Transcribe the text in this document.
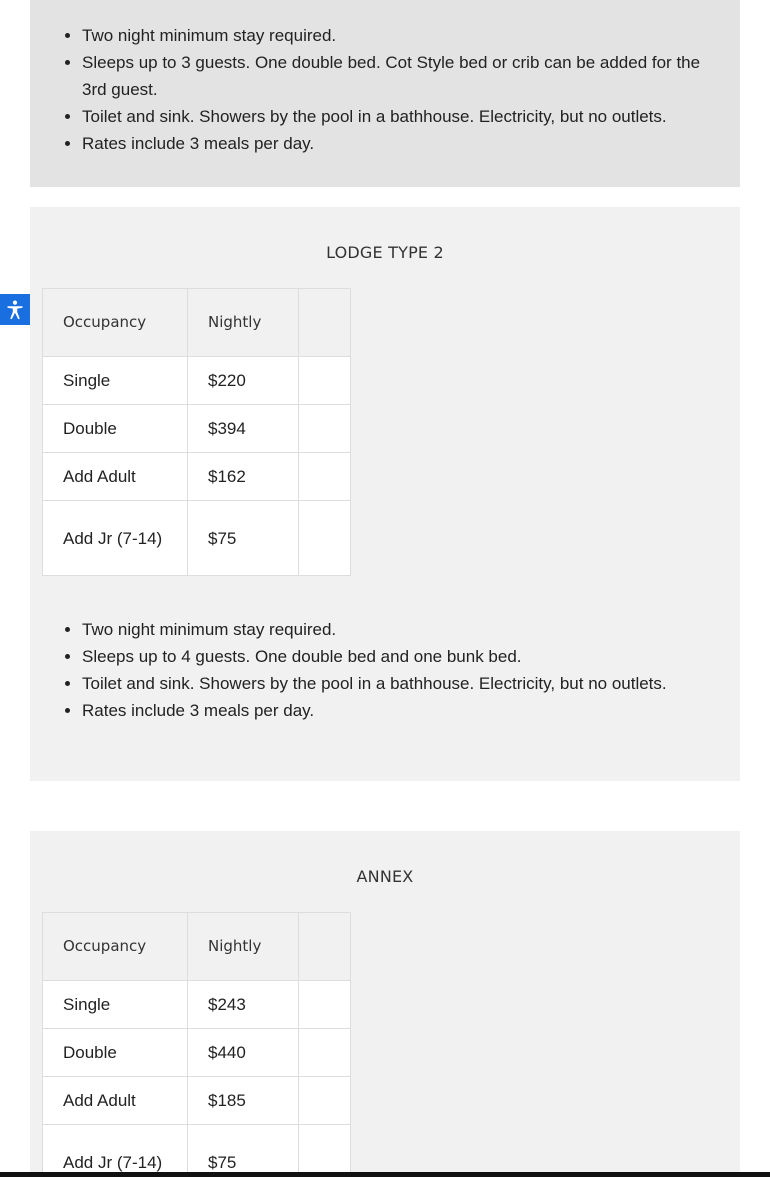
• Two night minimum stay required.
• Sleeps up to 3 guests. One double bed. Cot Style bed or crib can be added for the 3rd guest.
• Toilet and sink. Showers by the pool in a bathhouse. Electricity, but no outlets.
• Rates include 3 meals per day.
LODGE TYPE 2
Occupancy	Nightly	
Single	$220	
Double	$394	
Add Adult	$162	
Add Jr (7-14)	$75	
• Two night minimum stay required.
• Sleeps up to 4 guests. One double bed and one bunk bed.
• Toilet and sink. Showers by the pool in a bathhouse. Electricity, but no outlets.
• Rates include 3 meals per day.
ANNEX
Occupancy	Nightly	
Single	$243	
Double	$440	
Add Adult	$185	
Add Jr (7-14)	$75	
